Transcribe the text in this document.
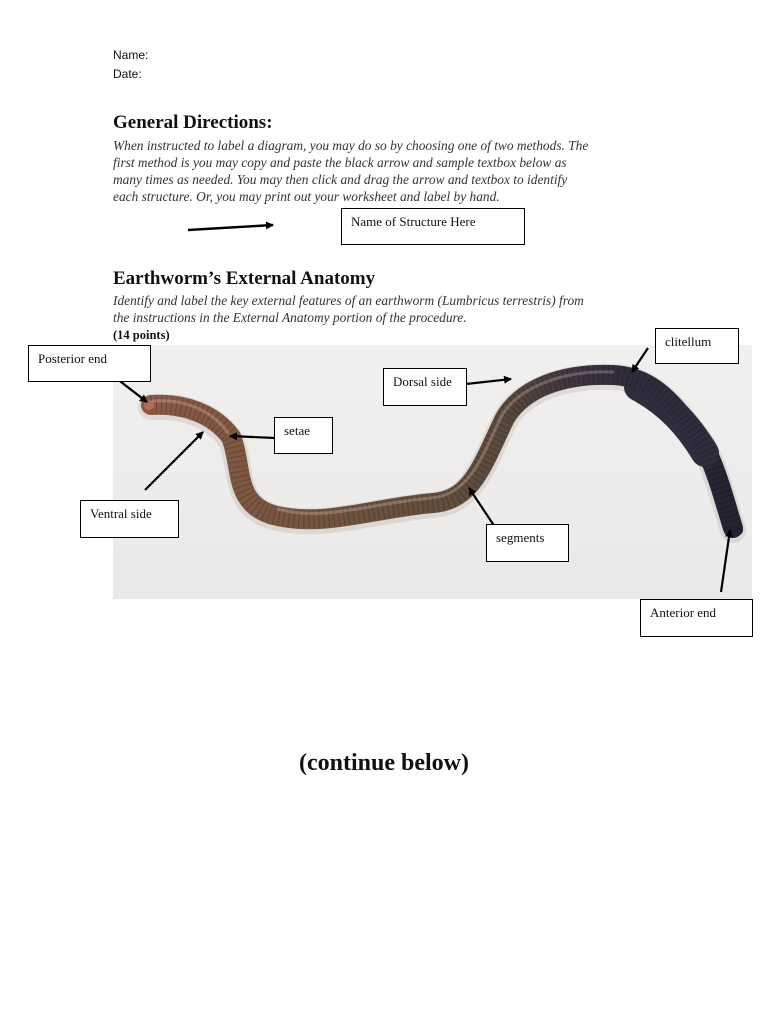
Name:
Date:
General Directions:
When instructed to label a diagram, you may do so by choosing one of two methods. The
first method is you may copy and paste the black arrow and sample textbox below as
many times as needed. You may then click and drag the arrow and textbox to identify
each structure. Or, you may print out your worksheet and label by hand.
Name of Structure Here
Earthworm’s External Anatomy
Identify and label the key external features of an earthworm (Lumbricus terrestris) from
the instructions in the External Anatomy portion of the procedure.
(14 points)
Posterior end
Dorsal side
clitellum
setae
Ventral side
segments
Anterior end
(continue below)
